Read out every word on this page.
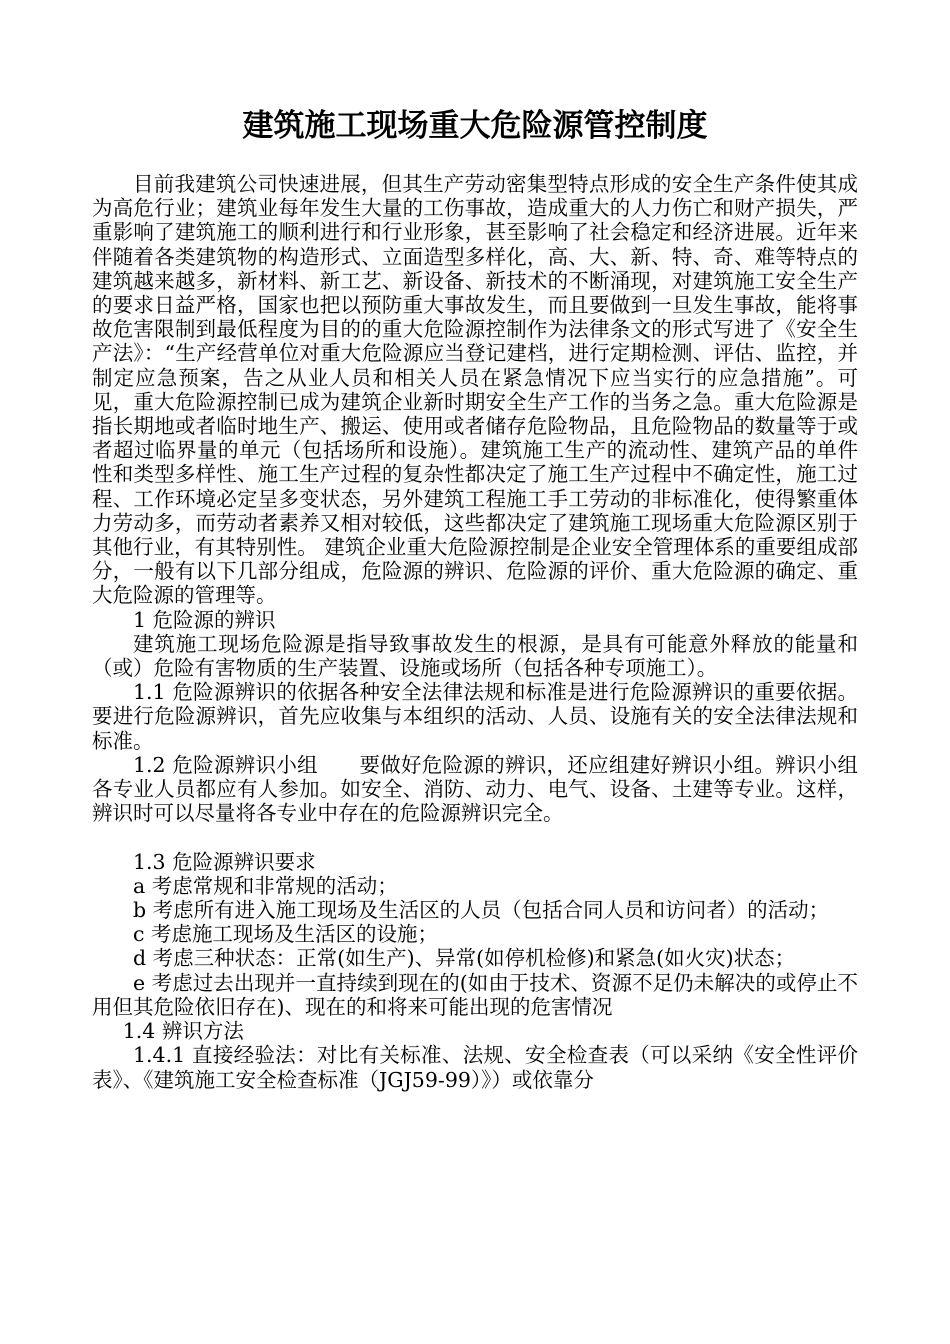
建筑施工现场重大危险源管控制度

目前我建筑公司快速进展，但其生产劳动密集型特点形成的安全生产条件使其成为高危行业；建筑业每年发生大量的工伤事故，造成重大的人力伤亡和财产损失，严重影响了建筑施工的顺利进行和行业形象，甚至影响了社会稳定和经济进展。近年来伴随着各类建筑物的构造形式、立面造型多样化，高、大、新、特、奇、难等特点的建筑越来越多，新材料、新工艺、新设备、新技术的不断涌现，对建筑施工安全生产的要求日益严格，国家也把以预防重大事故发生，而且要做到一旦发生事故，能将事故危害限制到最低程度为目的的重大危险源控制作为法律条文的形式写进了《安全生产法》：“生产经营单位对重大危险源应当登记建档，进行定期检测、评估、监控，并制定应急预案，告之从业人员和相关人员在紧急情况下应当实行的应急措施”。可见，重大危险源控制已成为建筑企业新时期安全生产工作的当务之急。重大危险源是指长期地或者临时地生产、搬运、使用或者储存危险物品，且危险物品的数量等于或者超过临界量的单元（包括场所和设施）。建筑施工生产的流动性、建筑产品的单件性和类型多样性、施工生产过程的复杂性都决定了施工生产过程中不确定性，施工过程、工作环境必定呈多变状态，另外建筑工程施工手工劳动的非标准化，使得繁重体力劳动多，而劳动者素养又相对较低，这些都决定了建筑施工现场重大危险源区别于其他行业，有其特别性。 建筑企业重大危险源控制是企业安全管理体系的重要组成部分，一般有以下几部分组成，危险源的辨识、危险源的评价、重大危险源的确定、重大危险源的管理等。

1 危险源的辨识

建筑施工现场危险源是指导致事故发生的根源，是具有可能意外释放的能量和（或）危险有害物质的生产装置、设施或场所（包括各种专项施工）。

1.1 危险源辨识的依据各种安全法律法规和标准是进行危险源辨识的重要依据。要进行危险源辨识，首先应收集与本组织的活动、人员、设施有关的安全法律法规和标准。

1.2 危险源辨识小组　　要做好危险源的辨识，还应组建好辨识小组。辨识小组各专业人员都应有人参加。如安全、消防、动力、电气、设备、土建等专业。这样，辨识时可以尽量将各专业中存在的危险源辨识完全。

1.3 危险源辨识要求

a 考虑常规和非常规的活动；

b 考虑所有进入施工现场及生活区的人员（包括合同人员和访问者）的活动；

c 考虑施工现场及生活区的设施；

d 考虑三种状态：正常(如生产)、异常(如停机检修)和紧急(如火灾)状态；

e 考虑过去出现并一直持续到现在的(如由于技术、资源不足仍未解决的或停止不用但其危险依旧存在)、现在的和将来可能出现的危害情况

1.4 辨识方法

1.4.1 直接经验法：对比有关标准、法规、安全检查表（可以采纳《安全性评价表》、《建筑施工安全检查标准（JGJ59-99）》）或依靠分
